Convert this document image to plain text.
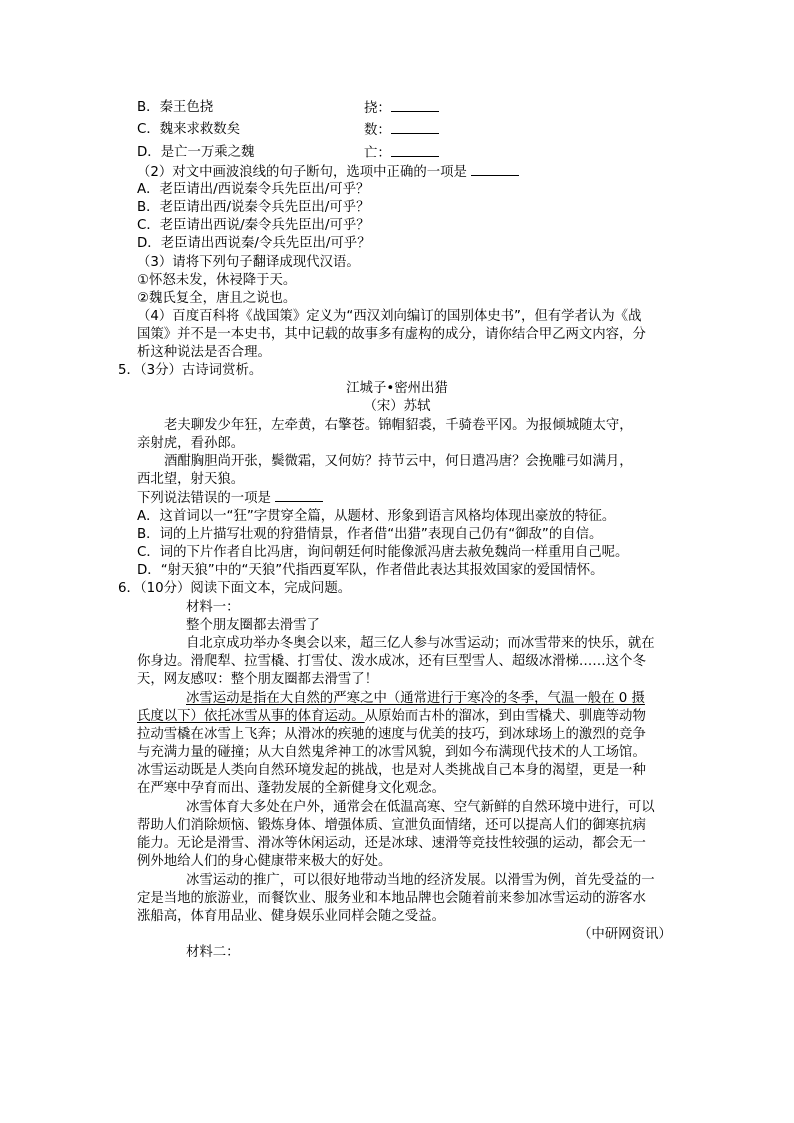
B．秦王色挠	挠：
C．魏来求救数矣	数：
D．是亡一万乘之魏	亡：
（2）对文中画波浪线的句子断句，选项中正确的一项是
A．老臣请出/西说秦令兵先臣出/可乎？
B．老臣请出西/说秦令兵先臣出/可乎？
C．老臣请出西说/秦令兵先臣出/可乎？
D．老臣请出西说秦/令兵先臣出/可乎？
（3）请将下列句子翻译成现代汉语。
①怀怒未发，休祲降于天。
②魏氏复全，唐且之说也。
（4）百度百科将《战国策》定义为“西汉刘向编订的国别体史书”，但有学者认为《战
国策》并不是一本史书，其中记载的故事多有虚构的成分，请你结合甲乙两文内容，分
析这种说法是否合理。
5．（3分）古诗词赏析。
江城子•密州出猎
（宋）苏轼
老夫聊发少年狂，左牵黄，右擎苍。锦帽貂裘，千骑卷平冈。为报倾城随太守，
亲射虎，看孙郎。
酒酣胸胆尚开张，鬓微霜，又何妨？持节云中，何日遣冯唐？会挽雕弓如满月，
西北望，射天狼。
下列说法错误的一项是
A．这首词以一“狂”字贯穿全篇，从题材、形象到语言风格均体现出豪放的特征。
B．词的上片描写壮观的狩猎情景，作者借“出猎”表现自己仍有“御敌”的自信。
C．词的下片作者自比冯唐，询问朝廷何时能像派冯唐去赦免魏尚一样重用自己呢。
D．“射天狼”中的“天狼”代指西夏军队，作者借此表达其报效国家的爱国情怀。
6．（10分）阅读下面文本，完成问题。
材料一：
整个朋友圈都去滑雪了
自北京成功举办冬奥会以来，超三亿人参与冰雪运动；而冰雪带来的快乐，就在
你身边。滑爬犁、拉雪橇、打雪仗、泼水成冰，还有巨型雪人、超级冰滑梯……这个冬
天，网友感叹：整个朋友圈都去滑雪了！
冰雪运动是指在大自然的严寒之中（通常进行于寒冷的冬季，气温一般在 0 摄
氏度以下）依托冰雪从事的体育运动。从原始而古朴的溜冰，到由雪橇犬、驯鹿等动物
拉动雪橇在冰雪上飞奔；从滑冰的疾驰的速度与优美的技巧，到冰球场上的激烈的竞争
与充满力量的碰撞；从大自然鬼斧神工的冰雪风貌，到如今布满现代技术的人工场馆。
冰雪运动既是人类向自然环境发起的挑战，也是对人类挑战自己本身的渴望，更是一种
在严寒中孕育而出、蓬勃发展的全新健身文化观念。
冰雪体育大多处在户外，通常会在低温高寒、空气新鲜的自然环境中进行，可以
帮助人们消除烦恼、锻炼身体、增强体质、宣泄负面情绪，还可以提高人们的御寒抗病
能力。无论是滑雪、滑冰等休闲运动，还是冰球、速滑等竞技性较强的运动，都会无一
例外地给人们的身心健康带来极大的好处。
冰雪运动的推广，可以很好地带动当地的经济发展。以滑雪为例，首先受益的一
定是当地的旅游业，而餐饮业、服务业和本地品牌也会随着前来参加冰雪运动的游客水
涨船高，体育用品业、健身娱乐业同样会随之受益。
（中研网资讯）
材料二：
